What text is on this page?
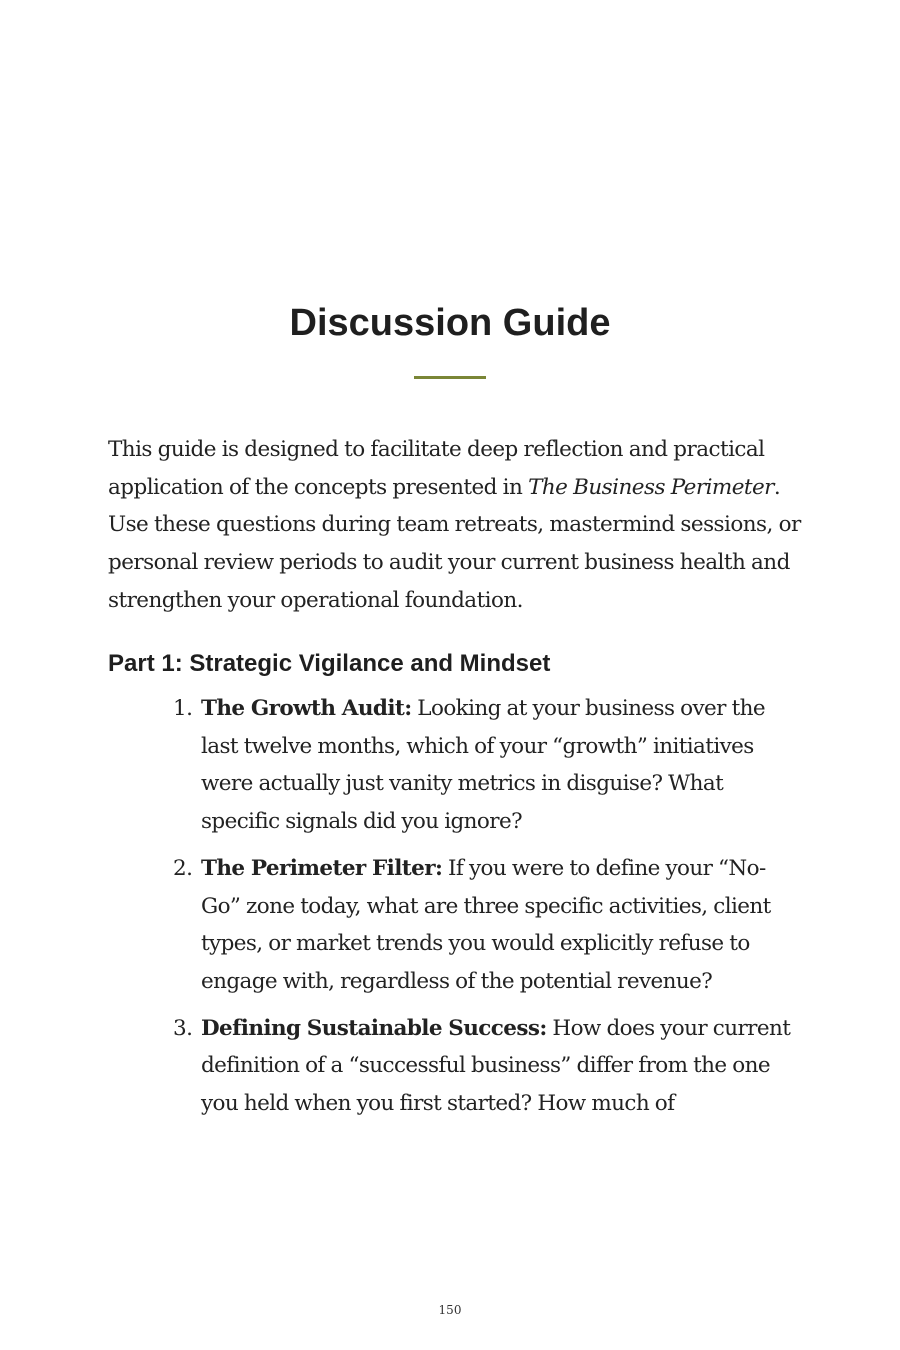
Discussion Guide

This guide is designed to facilitate deep reflection and practical application of the concepts presented in The Business Perimeter. Use these questions during team retreats, mastermind sessions, or personal review periods to audit your current business health and strengthen your operational foundation.

Part 1: Strategic Vigilance and Mindset
1. The Growth Audit: Looking at your business over the last twelve months, which of your “growth” initiatives were actually just vanity metrics in disguise? What specific signals did you ignore?
2. The Perimeter Filter: If you were to define your “No-Go” zone today, what are three specific activities, client types, or market trends you would explicitly refuse to engage with, regardless of the potential revenue?
3. Defining Sustainable Success: How does your current definition of a “successful business” differ from the one you held when you first started? How much of
150
